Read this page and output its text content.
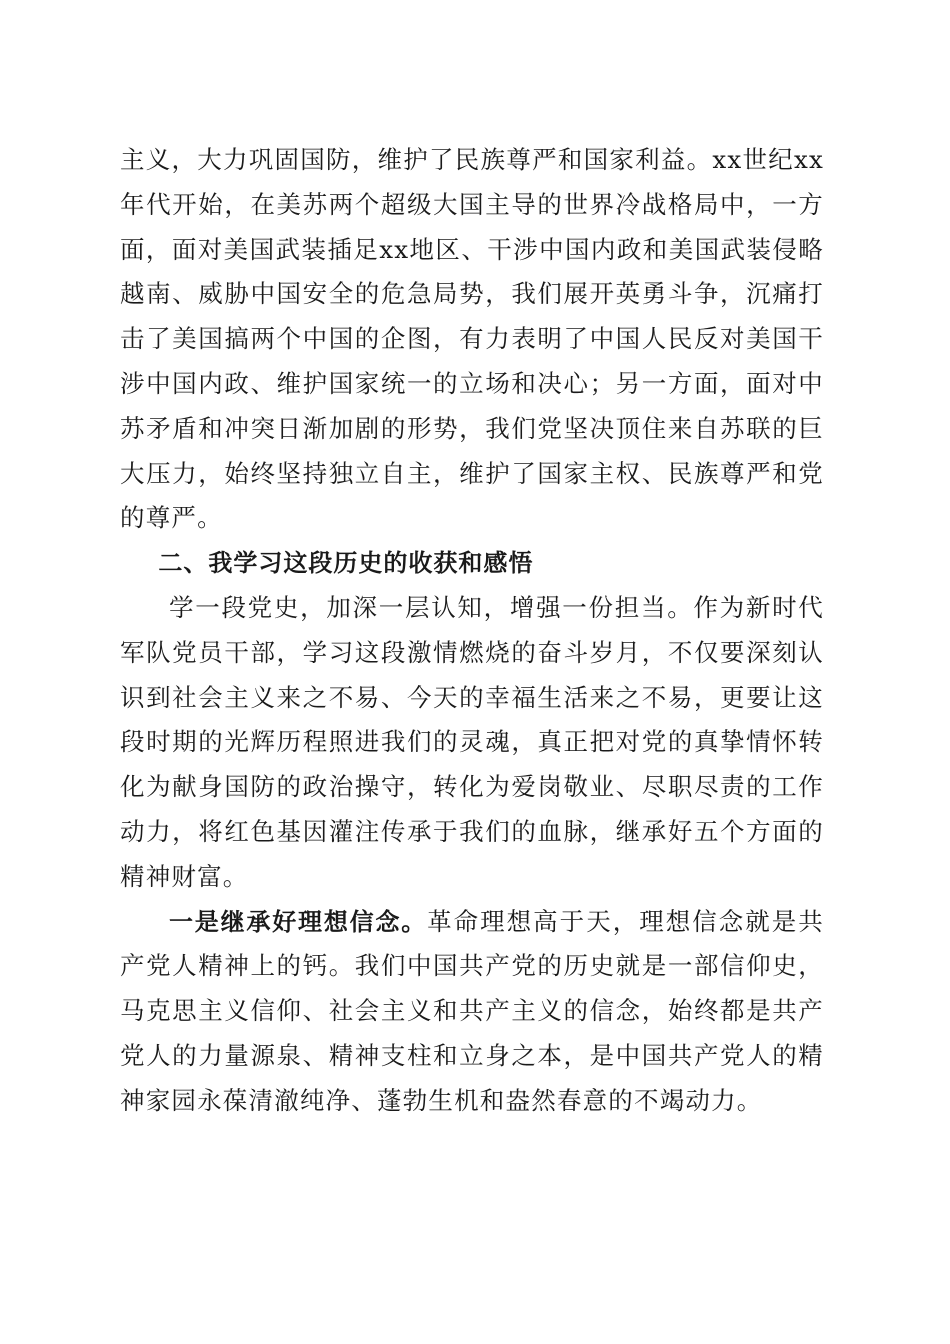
主义，大力巩固国防，维护了民族尊严和国家利益。xx世纪xx年代开始，在美苏两个超级大国主导的世界冷战格局中，一方面，面对美国武装插足xx地区、干涉中国内政和美国武装侵略越南、威胁中国安全的危急局势，我们展开英勇斗争，沉痛打击了美国搞两个中国的企图，有力表明了中国人民反对美国干涉中国内政、维护国家统一的立场和决心；另一方面，面对中苏矛盾和冲突日渐加剧的形势，我们党坚决顶住来自苏联的巨大压力，始终坚持独立自主，维护了国家主权、民族尊严和党的尊严。

二、我学习这段历史的收获和感悟

学一段党史，加深一层认知，增强一份担当。作为新时代军队党员干部，学习这段激情燃烧的奋斗岁月，不仅要深刻认识到社会主义来之不易、今天的幸福生活来之不易，更要让这段时期的光辉历程照进我们的灵魂，真正把对党的真挚情怀转化为献身国防的政治操守，转化为爱岗敬业、尽职尽责的工作动力，将红色基因灌注传承于我们的血脉，继承好五个方面的精神财富。

一是继承好理想信念。革命理想高于天，理想信念就是共产党人精神上的钙。我们中国共产党的历史就是一部信仰史，马克思主义信仰、社会主义和共产主义的信念，始终都是共产党人的力量源泉、精神支柱和立身之本，是中国共产党人的精神家园永葆清澈纯净、蓬勃生机和盎然春意的不竭动力。
